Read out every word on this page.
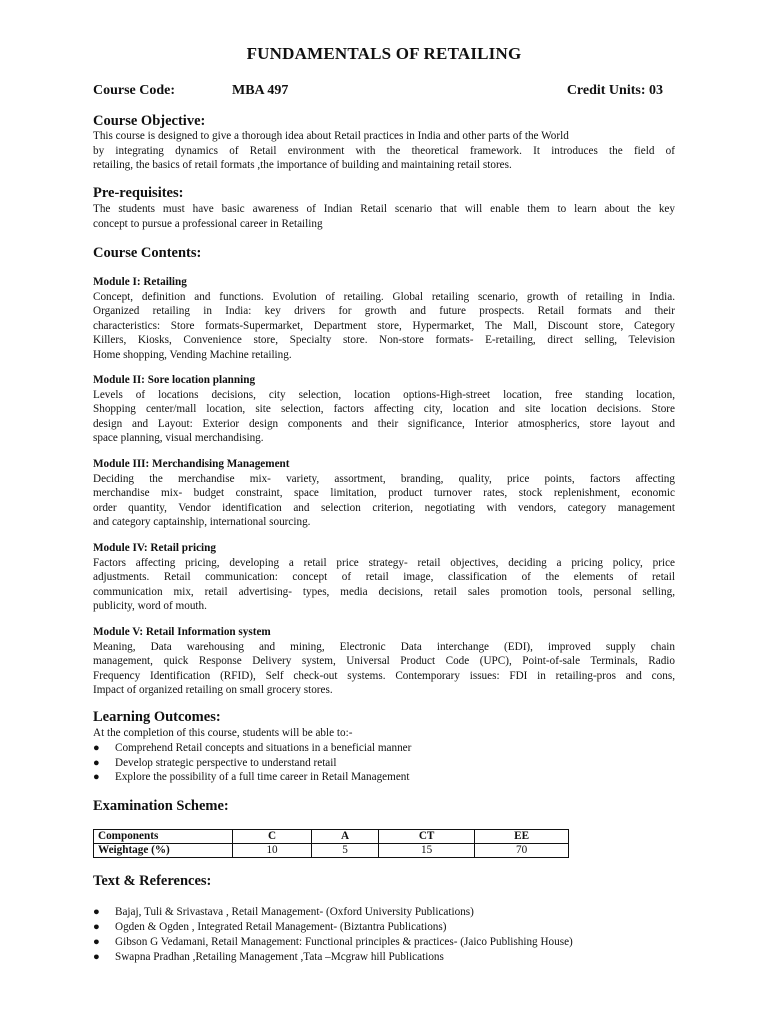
FUNDAMENTALS OF RETAILING
Course Code:	MBA 497	Credit Units: 03
Course Objective:
This course is designed to give a thorough idea about Retail practices in India and other parts of the World
by integrating dynamics of Retail environment with the theoretical framework. It introduces the field of
retailing, the basics of retail formats ,the importance of building and maintaining retail stores.
Pre-requisites:
The students must have basic awareness of Indian Retail scenario that will enable them to learn about the key
concept to pursue a professional career in Retailing
Course Contents:
Module I: Retailing
Concept, definition and functions. Evolution of retailing. Global retailing scenario, growth of retailing in India.
Organized retailing in India: key drivers for growth and future prospects. Retail formats and their
characteristics: Store formats-Supermarket, Department store, Hypermarket, The Mall, Discount store, Category
Killers, Kiosks, Convenience store, Specialty store. Non-store formats- E-retailing, direct selling, Television
Home shopping, Vending Machine retailing.
Module II: Sore location planning
Levels of locations decisions, city selection, location options-High-street location, free standing location,
Shopping center/mall location, site selection, factors affecting city, location and site location decisions. Store
design and Layout: Exterior design components and their significance, Interior atmospherics, store layout and
space planning, visual merchandising.
Module III: Merchandising Management
Deciding the merchandise mix- variety, assortment, branding, quality, price points, factors affecting
merchandise mix- budget constraint, space limitation, product turnover rates, stock replenishment, economic
order quantity, Vendor identification and selection criterion, negotiating with vendors, category management
and category captainship, international sourcing.
Module IV: Retail pricing
Factors affecting pricing, developing a retail price strategy- retail objectives, deciding a pricing policy, price
adjustments. Retail communication: concept of retail image, classification of the elements of retail
communication mix, retail advertising- types, media decisions, retail sales promotion tools, personal selling,
publicity, word of mouth.
Module V: Retail Information system
Meaning, Data warehousing and mining, Electronic Data interchange (EDI), improved supply chain
management, quick Response Delivery system, Universal Product Code (UPC), Point-of-sale Terminals, Radio
Frequency Identification (RFID), Self check-out systems. Contemporary issues: FDI in retailing-pros and cons,
Impact of organized retailing on small grocery stores.
Learning Outcomes:
At the completion of this course, students will be able to:-
● Comprehend Retail concepts and situations in a beneficial manner
● Develop strategic perspective to understand retail
● Explore the possibility of a full time career in Retail Management
Examination Scheme:
Components	C	A	CT	EE
Weightage (%)	10	5	15	70
Text & References:
● Bajaj, Tuli & Srivastava , Retail Management- (Oxford University Publications)
● Ogden & Ogden , Integrated Retail Management- (Biztantra Publications)
● Gibson G Vedamani, Retail Management: Functional principles & practices- (Jaico Publishing House)
● Swapna Pradhan ,Retailing Management ,Tata –Mcgraw hill Publications
